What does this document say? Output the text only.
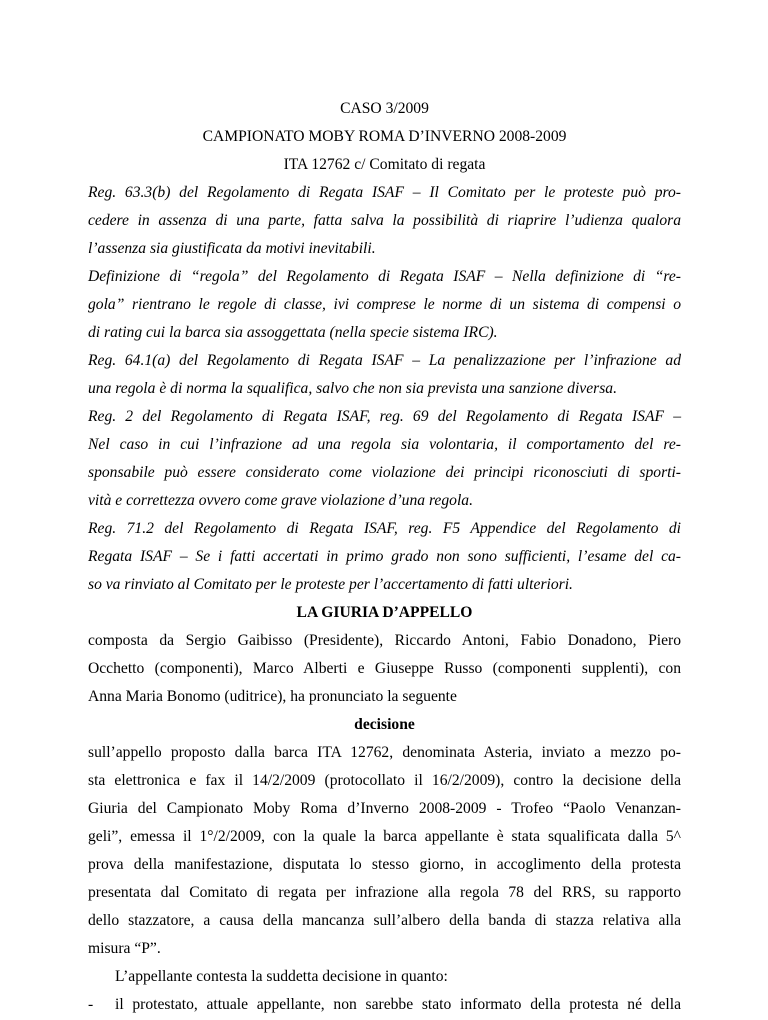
CASO 3/2009
CAMPIONATO MOBY ROMA D’INVERNO 2008-2009
ITA 12762 c/ Comitato di regata
Reg. 63.3(b) del Regolamento di Regata ISAF – Il Comitato per le proteste può pro-
cedere in assenza di una parte, fatta salva la possibilità di riaprire l’udienza qualora
l’assenza sia giustificata da motivi inevitabili.
Definizione di “regola” del Regolamento di Regata ISAF – Nella definizione di “re-
gola” rientrano le regole di classe, ivi comprese le norme di un sistema di compensi o
di rating cui la barca sia assoggettata (nella specie sistema IRC).
Reg. 64.1(a) del Regolamento di Regata ISAF – La penalizzazione per l’infrazione ad
una regola è di norma la squalifica, salvo che non sia prevista una sanzione diversa.
Reg. 2 del Regolamento di Regata ISAF, reg. 69 del Regolamento di Regata ISAF –
Nel caso in cui l’infrazione ad una regola sia volontaria, il comportamento del re-
sponsabile può essere considerato come violazione dei principi riconosciuti di sporti-
vità e correttezza ovvero come grave violazione d’una regola.
Reg. 71.2 del Regolamento di Regata ISAF, reg. F5 Appendice del Regolamento di
Regata ISAF – Se i fatti accertati in primo grado non sono sufficienti, l’esame del ca-
so va rinviato al Comitato per le proteste per l’accertamento di fatti ulteriori.
LA GIURIA D’APPELLO
composta da Sergio Gaibisso (Presidente), Riccardo Antoni, Fabio Donadono, Piero
Occhetto (componenti), Marco Alberti e Giuseppe Russo (componenti supplenti), con
Anna Maria Bonomo (uditrice), ha pronunciato la seguente
decisione
sull’appello proposto dalla barca ITA 12762, denominata Asteria, inviato a mezzo po-
sta elettronica e fax il 14/2/2009 (protocollato il 16/2/2009), contro la decisione della
Giuria del Campionato Moby Roma d’Inverno 2008-2009 - Trofeo “Paolo Venanzan-
geli”, emessa il 1°/2/2009, con la quale la barca appellante è stata squalificata dalla 5^
prova della manifestazione, disputata lo stesso giorno, in accoglimento della protesta
presentata dal Comitato di regata per infrazione alla regola 78 del RRS, su rapporto
dello stazzatore, a causa della mancanza sull’albero della banda di stazza relativa alla
misura “P”.
L’appellante contesta la suddetta decisione in quanto:
-	il protestato, attuale appellante, non sarebbe stato informato della protesta né della
